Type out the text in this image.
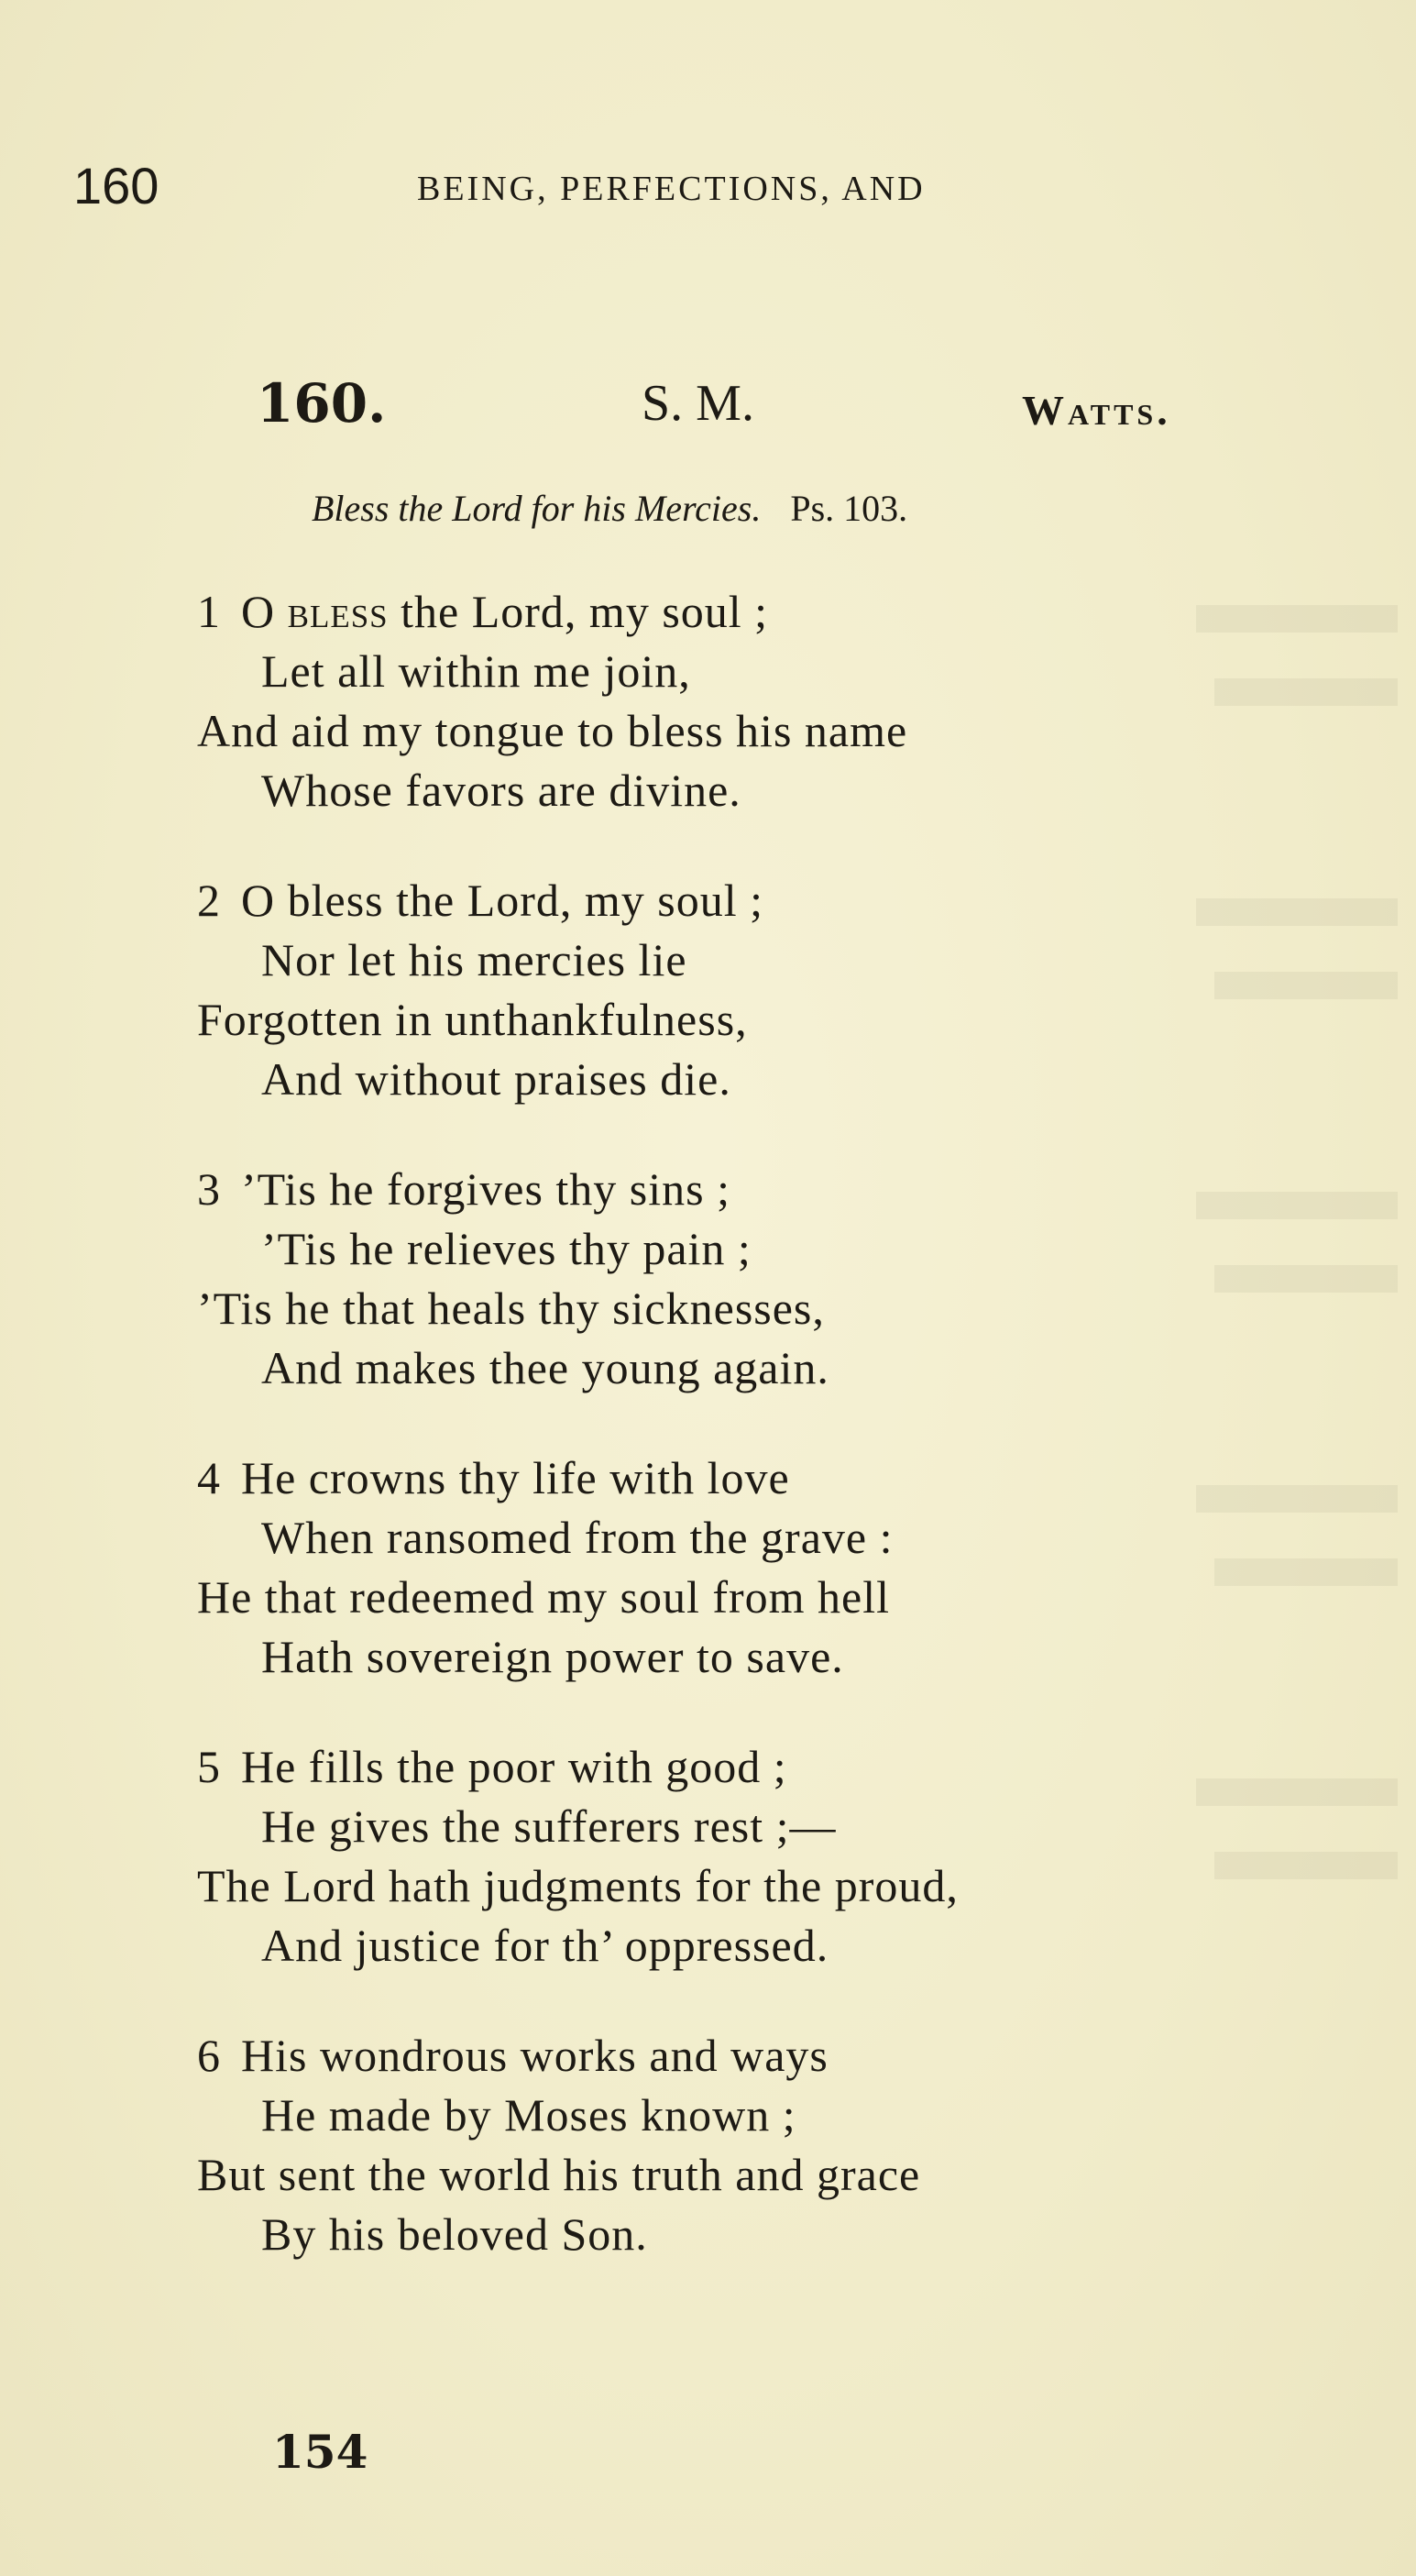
160	BEING, PERFECTIONS, AND
160.	S. M.	Watts.
Bless the Lord for his Mercies. Ps. 103.
1 O bless the Lord, my soul ;
Let all within me join,
And aid my tongue to bless his name
Whose favors are divine.
2 O bless the Lord, my soul ;
Nor let his mercies lie
Forgotten in unthankfulness,
And without praises die.
3 ’Tis he forgives thy sins ;
’Tis he relieves thy pain ;
’Tis he that heals thy sicknesses,
And makes thee young again.
4 He crowns thy life with love
When ransomed from the grave :
He that redeemed my soul from hell
Hath sovereign power to save.
5 He fills the poor with good ;
He gives the sufferers rest ;—
The Lord hath judgments for the proud,
And justice for th’ oppressed.
6 His wondrous works and ways
He made by Moses known ;
But sent the world his truth and grace
By his beloved Son.
154
